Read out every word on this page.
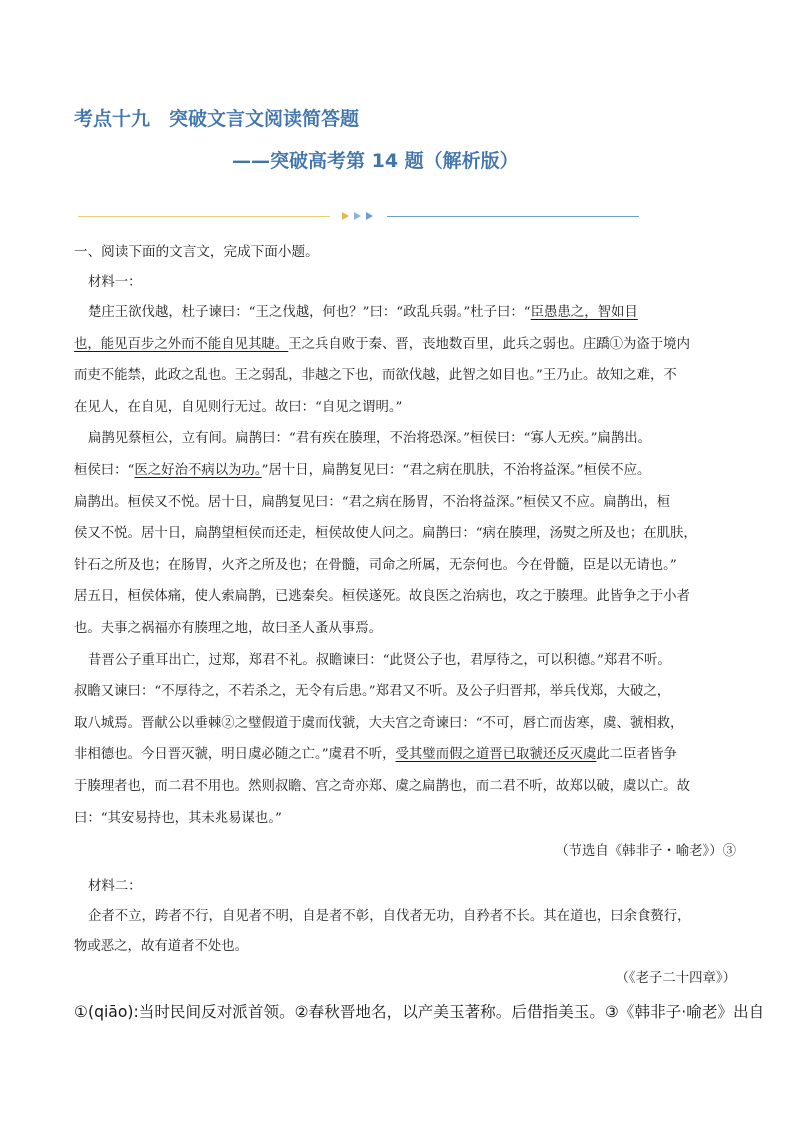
考点十九　突破文言文阅读简答题
——突破高考第 14 题（解析版）
一、阅读下面的文言文，完成下面小题。
材料一：
楚庄王欲伐越，杜子谏曰：“王之伐越，何也？”曰：“政乱兵弱。”杜子曰：“臣愚患之，智如目
也，能见百步之外而不能自见其睫。王之兵自败于秦、晋，丧地数百里，此兵之弱也。庄蹻①为盗于境内
而吏不能禁，此政之乱也。王之弱乱，非越之下也，而欲伐越，此智之如目也。”王乃止。故知之难，不
在见人，在自见，自见则行无过。故曰：“自见之谓明。”
扁鹊见蔡桓公，立有间。扁鹊曰：“君有疾在腠理，不治将恐深。”桓侯曰：“寡人无疾。”扁鹊出。
桓侯曰：“医之好治不病以为功。”居十日，扁鹊复见曰：“君之病在肌肤，不治将益深。”桓侯不应。
扁鹊出。桓侯又不悦。居十日，扁鹊复见曰：“君之病在肠胃，不治将益深。”桓侯又不应。扁鹊出，桓
侯又不悦。居十日，扁鹊望桓侯而还走，桓侯故使人问之。扁鹊曰：“病在腠理，汤熨之所及也；在肌肤，
针石之所及也；在肠胃，火齐之所及也；在骨髓，司命之所属，无奈何也。今在骨髓，臣是以无请也。”
居五日，桓侯体痛，使人索扁鹊，已逃秦矣。桓侯遂死。故良医之治病也，攻之于腠理。此皆争之于小者
也。夫事之祸福亦有腠理之地，故曰圣人蚤从事焉。
昔晋公子重耳出亡，过郑，郑君不礼。叔瞻谏曰：“此贤公子也，君厚待之，可以积德。”郑君不听。
叔瞻又谏曰：“不厚待之，不若杀之，无令有后患。”郑君又不听。及公子归晋邦，举兵伐郑，大破之，
取八城焉。晋献公以垂棘②之璧假道于虞而伐虢，大夫宫之奇谏曰：“不可，唇亡而齿寒，虞、虢相救，
非相德也。今日晋灭虢，明日虞必随之亡。”虞君不听，受其璧而假之道晋已取虢还反灭虞此二臣者皆争
于腠理者也，而二君不用也。然则叔瞻、宫之奇亦郑、虞之扁鹊也，而二君不听，故郑以破，虞以亡。故
曰：“其安易持也，其未兆易谋也。”
（节选自《韩非子・喻老》）③
材料二：
企者不立，跨者不行，自见者不明，自是者不彰，自伐者无功，自矜者不长。其在道也，曰余食赘行，
物或恶之，故有道者不处也。
（《老子二十四章》）
①(qiāo):当时民间反对派首领。②春秋晋地名，以产美玉著称。后借指美玉。③《韩非子·喻老》出自
